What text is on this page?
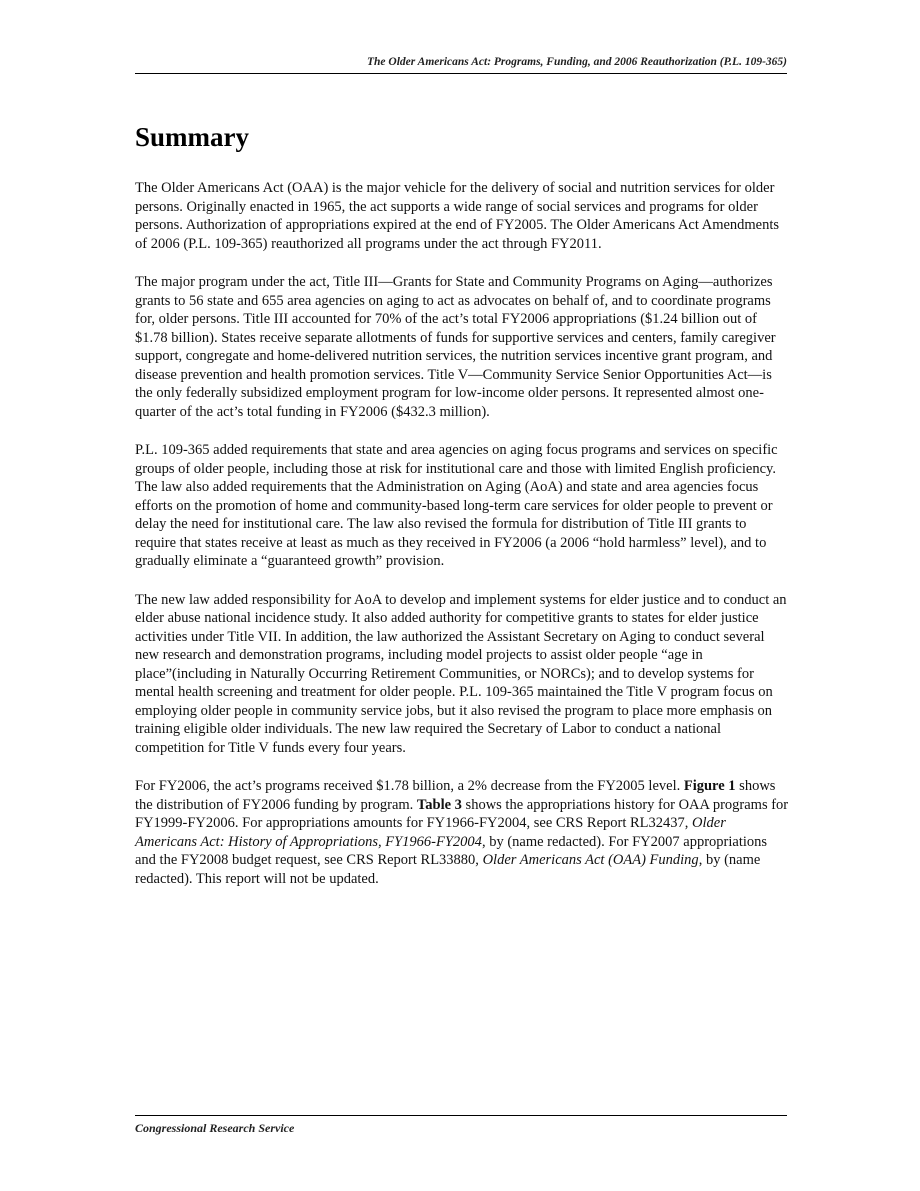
The Older Americans Act: Programs, Funding, and 2006 Reauthorization (P.L. 109-365)
Summary

The Older Americans Act (OAA) is the major vehicle for the delivery of social and nutrition services for older persons. Originally enacted in 1965, the act supports a wide range of social services and programs for older persons. Authorization of appropriations expired at the end of FY2005. The Older Americans Act Amendments of 2006 (P.L. 109-365) reauthorized all programs under the act through FY2011.

The major program under the act, Title III—Grants for State and Community Programs on Aging—authorizes grants to 56 state and 655 area agencies on aging to act as advocates on behalf of, and to coordinate programs for, older persons. Title III accounted for 70% of the act’s total FY2006 appropriations ($1.24 billion out of $1.78 billion). States receive separate allotments of funds for supportive services and centers, family caregiver support, congregate and home-delivered nutrition services, the nutrition services incentive grant program, and disease prevention and health promotion services. Title V—Community Service Senior Opportunities Act—is the only federally subsidized employment program for low-income older persons. It represented almost one-quarter of the act’s total funding in FY2006 ($432.3 million).

P.L. 109-365 added requirements that state and area agencies on aging focus programs and services on specific groups of older people, including those at risk for institutional care and those with limited English proficiency. The law also added requirements that the Administration on Aging (AoA) and state and area agencies focus efforts on the promotion of home and community-based long-term care services for older people to prevent or delay the need for institutional care. The law also revised the formula for distribution of Title III grants to require that states receive at least as much as they received in FY2006 (a 2006 “hold harmless” level), and to gradually eliminate a “guaranteed growth” provision.

The new law added responsibility for AoA to develop and implement systems for elder justice and to conduct an elder abuse national incidence study. It also added authority for competitive grants to states for elder justice activities under Title VII. In addition, the law authorized the Assistant Secretary on Aging to conduct several new research and demonstration programs, including model projects to assist older people “age in place”(including in Naturally Occurring Retirement Communities, or NORCs); and to develop systems for mental health screening and treatment for older people. P.L. 109-365 maintained the Title V program focus on employing older people in community service jobs, but it also revised the program to place more emphasis on training eligible older individuals. The new law required the Secretary of Labor to conduct a national competition for Title V funds every four years.

For FY2006, the act’s programs received $1.78 billion, a 2% decrease from the FY2005 level. Figure 1 shows the distribution of FY2006 funding by program. Table 3 shows the appropriations history for OAA programs for FY1999-FY2006. For appropriations amounts for FY1966-FY2004, see CRS Report RL32437, Older Americans Act: History of Appropriations, FY1966-FY2004, by (name redacted). For FY2007 appropriations and the FY2008 budget request, see CRS Report RL33880, Older Americans Act (OAA) Funding, by (name redacted). This report will not be updated.

Congressional Research Service
